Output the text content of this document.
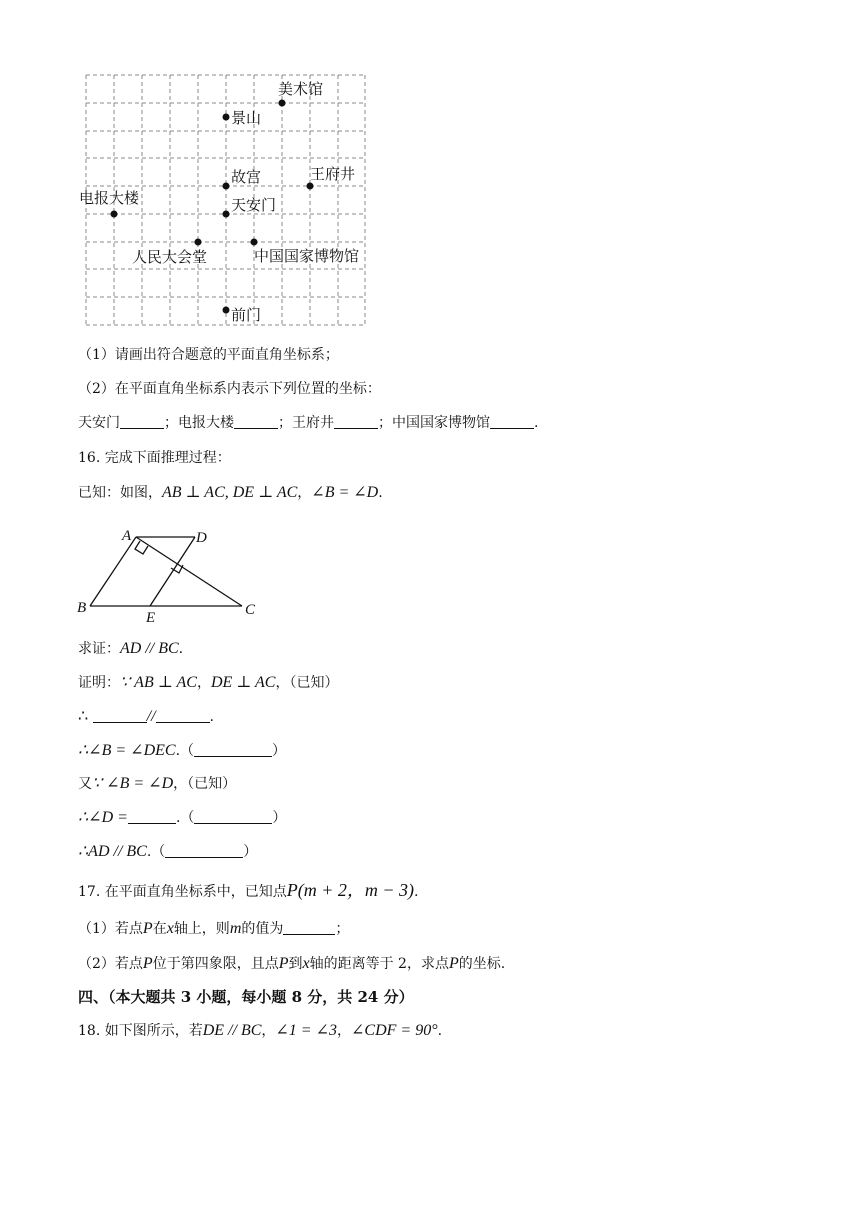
美术馆
景山
故宫	王府井
电报大楼	天安门
人民大会堂	中国国家博物馆
前门
（1）请画出符合题意的平面直角坐标系；
（2）在平面直角坐标系内表示下列位置的坐标：
天安门	；电报大楼	；王府井	；中国国家博物馆	.
16. 完成下面推理过程：
已知：如图，AB ⊥ AC, DE ⊥ AC，∠B = ∠D.
A	D
B
E	C
求证：AD // BC.
证明：∵ AB ⊥ AC，DE ⊥ AC，（已知）
∴	//	.
∴∠B = ∠DEC.（	）
又∵ ∠B = ∠D，（已知）
∴∠D =	.（	）
∴AD // BC.（	）
17. 在平面直角坐标系中，已知点P(m + 2，m − 3).
（1）若点P在x轴上，则m的值为	；
（2）若点P位于第四象限，且点P到x轴的距离等于 2，求点P的坐标.
四、（本大题共 3 小题，每小题 8 分，共 24 分）
18. 如下图所示，若DE // BC，∠1 = ∠3，∠CDF = 90°.
